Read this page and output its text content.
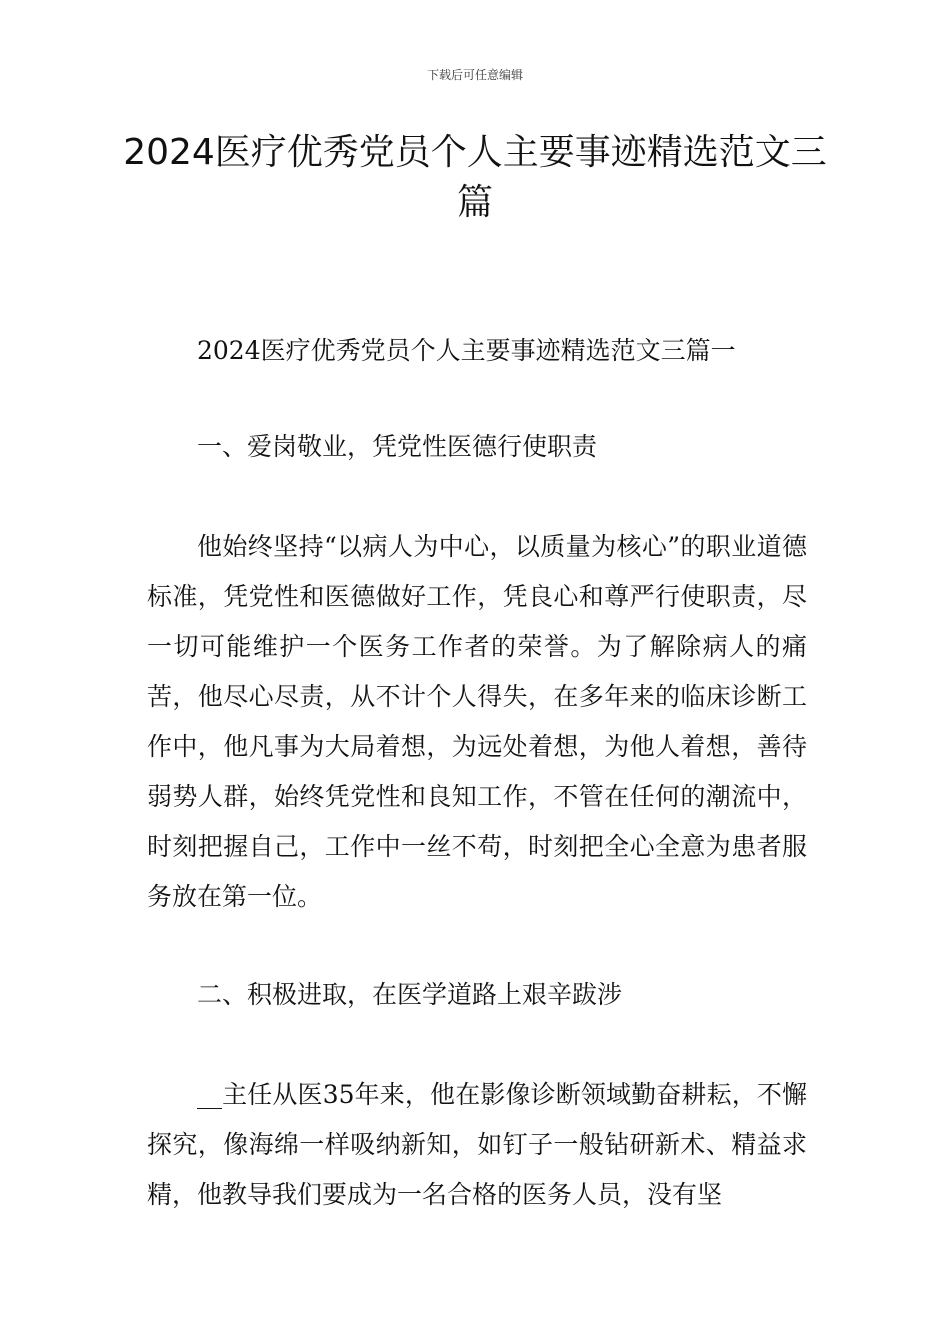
下载后可任意编辑
2024医疗优秀党员个人主要事迹精选范文三篇

2024医疗优秀党员个人主要事迹精选范文三篇一

一、爱岗敬业，凭党性医德行使职责

他始终坚持“以病人为中心，以质量为核心”的职业道德标准，凭党性和医德做好工作，凭良心和尊严行使职责，尽一切可能维护一个医务工作者的荣誉。为了解除病人的痛苦，他尽心尽责，从不计个人得失，在多年来的临床诊断工作中，他凡事为大局着想，为远处着想，为他人着想，善待弱势人群，始终凭党性和良知工作，不管在任何的潮流中，时刻把握自己，工作中一丝不苟，时刻把全心全意为患者服务放在第一位。

二、积极进取，在医学道路上艰辛跋涉

__主任从医35年来，他在影像诊断领域勤奋耕耘，不懈探究，像海绵一样吸纳新知，如钉子一般钻研新术、精益求精，他教导我们要成为一名合格的医务人员，没有坚
